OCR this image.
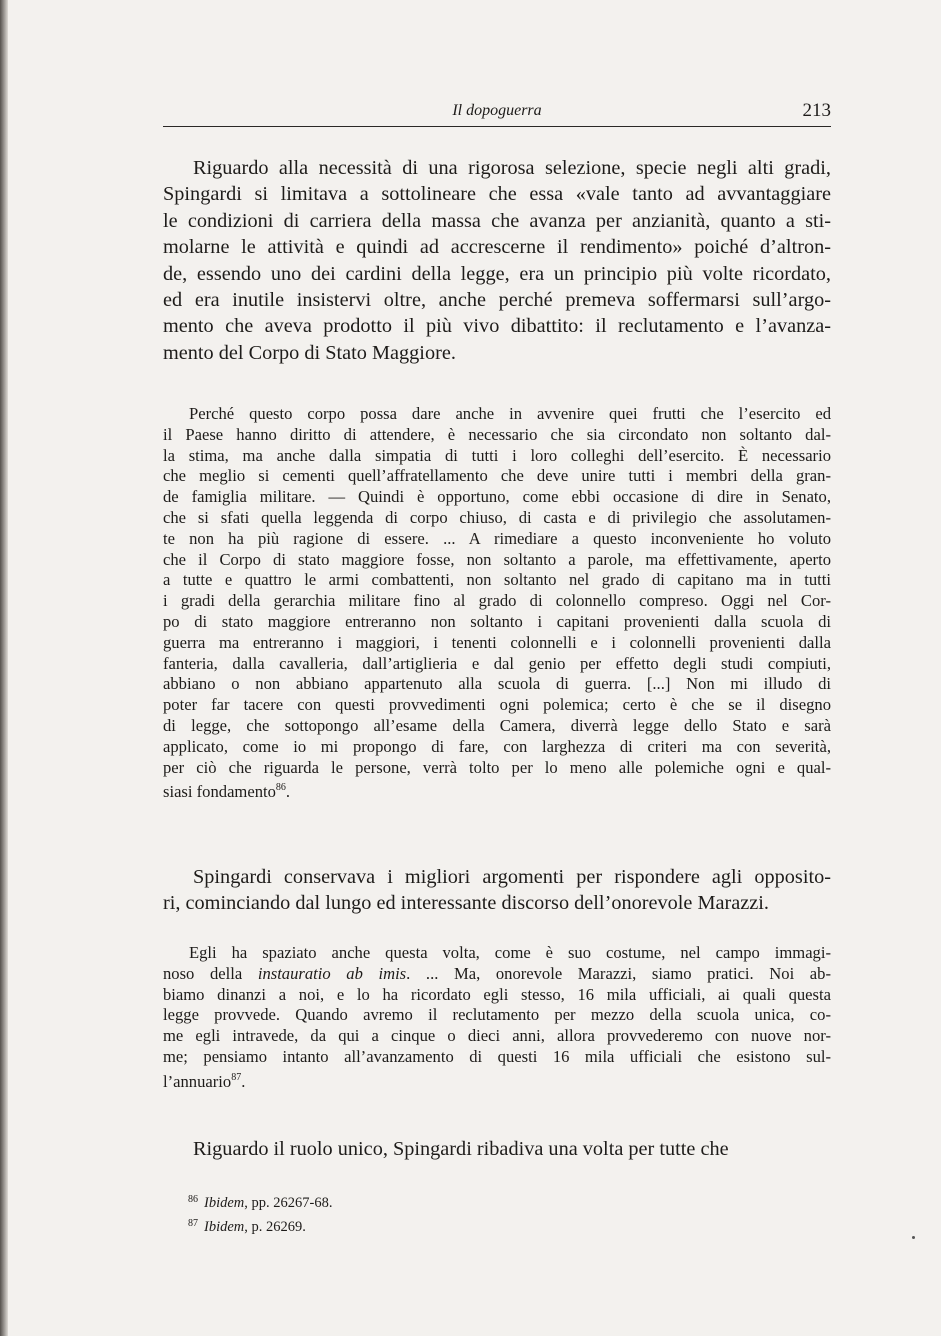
Il dopoguerra	213
Riguardo alla necessità di una rigorosa selezione, specie negli alti gradi,
Spingardi si limitava a sottolineare che essa «vale tanto ad avvantaggiare
le condizioni di carriera della massa che avanza per anzianità, quanto a sti-
molarne le attività e quindi ad accrescerne il rendimento» poiché d’altron-
de, essendo uno dei cardini della legge, era un principio più volte ricordato,
ed era inutile insistervi oltre, anche perché premeva soffermarsi sull’argo-
mento che aveva prodotto il più vivo dibattito: il reclutamento e l’avanza-
mento del Corpo di Stato Maggiore.
Perché questo corpo possa dare anche in avvenire quei frutti che l’esercito ed
il Paese hanno diritto di attendere, è necessario che sia circondato non soltanto dal-
la stima, ma anche dalla simpatia di tutti i loro colleghi dell’esercito. È necessario
che meglio si cementi quell’affratellamento che deve unire tutti i membri della gran-
de famiglia militare. — Quindi è opportuno, come ebbi occasione di dire in Senato,
che si sfati quella leggenda di corpo chiuso, di casta e di privilegio che assolutamen-
te non ha più ragione di essere. ... A rimediare a questo inconveniente ho voluto
che il Corpo di stato maggiore fosse, non soltanto a parole, ma effettivamente, aperto
a tutte e quattro le armi combattenti, non soltanto nel grado di capitano ma in tutti
i gradi della gerarchia militare fino al grado di colonnello compreso. Oggi nel Cor-
po di stato maggiore entreranno non soltanto i capitani provenienti dalla scuola di
guerra ma entreranno i maggiori, i tenenti colonnelli e i colonnelli provenienti dalla
fanteria, dalla cavalleria, dall’artiglieria e dal genio per effetto degli studi compiuti,
abbiano o non abbiano appartenuto alla scuola di guerra. [...] Non mi illudo di
poter far tacere con questi provvedimenti ogni polemica; certo è che se il disegno
di legge, che sottopongo all’esame della Camera, diverrà legge dello Stato e sarà
applicato, come io mi propongo di fare, con larghezza di criteri ma con severità,
per ciò che riguarda le persone, verrà tolto per lo meno alle polemiche ogni e qual-
siasi fondamento$^{86}$.
Spingardi conservava i migliori argomenti per rispondere agli opposito-
ri, cominciando dal lungo ed interessante discorso dell’onorevole Marazzi.
Egli ha spaziato anche questa volta, come è suo costume, nel campo immagi-
noso della instauratio ab imis. ... Ma, onorevole Marazzi, siamo pratici. Noi ab-
biamo dinanzi a noi, e lo ha ricordato egli stesso, 16 mila ufficiali, ai quali questa
legge provvede. Quando avremo il reclutamento per mezzo della scuola unica, co-
me egli intravede, da qui a cinque o dieci anni, allora provvederemo con nuove nor-
me; pensiamo intanto all’avanzamento di questi 16 mila ufficiali che esistono sul-
l’annuario$^{87}$.
Riguardo il ruolo unico, Spingardi ribadiva una volta per tutte che
$^{86}$ Ibidem, pp. 26267-68.
$^{87}$ Ibidem, p. 26269.
